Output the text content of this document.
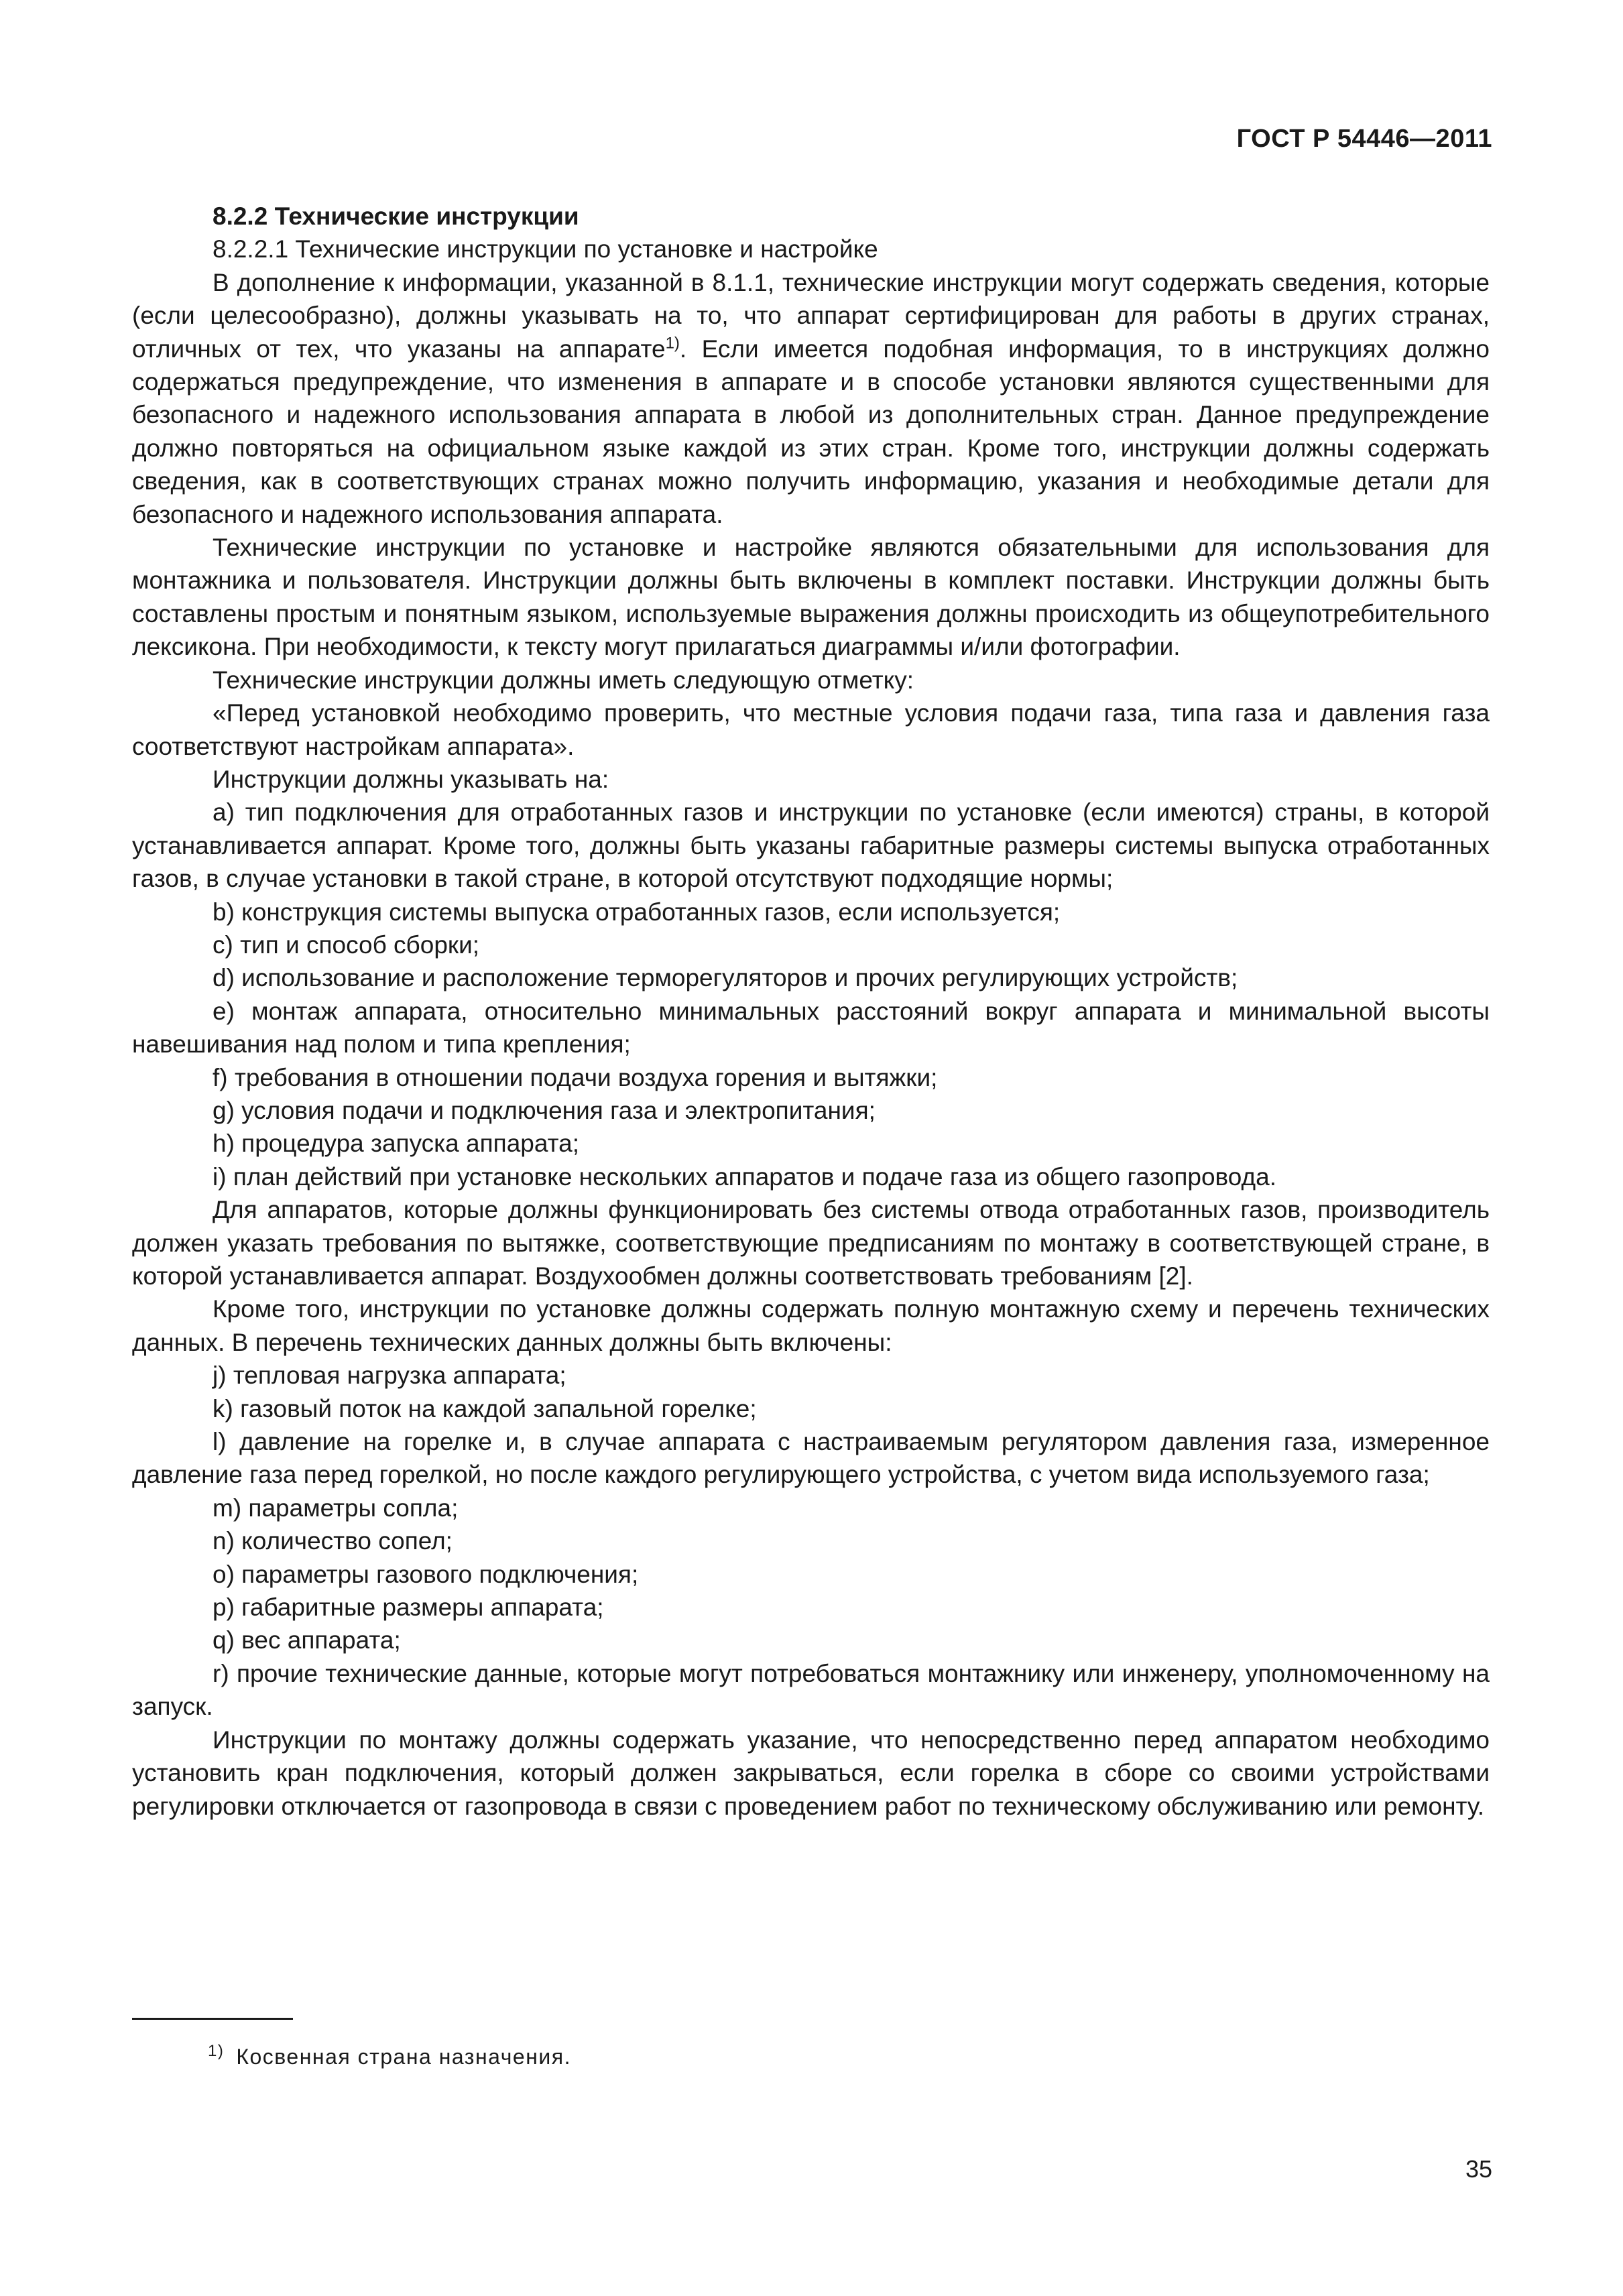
ГОСТ Р 54446—2011

8.2.2 Технические инструкции

8.2.2.1 Технические инструкции по установке и настройке

В дополнение к информации, указанной в 8.1.1, технические инструкции могут содержать сведения, которые (если целесообразно), должны указывать на то, что аппарат сертифицирован для работы в других странах, отличных от тех, что указаны на аппарате$^{1)}$. Если имеется подобная информация, то в инструкциях должно содержаться предупреждение, что изменения в аппарате и в способе установки являются существенными для безопасного и надежного использования аппарата в любой из дополнительных стран. Данное предупреждение должно повторяться на официальном языке каждой из этих стран. Кроме того, инструкции должны содержать сведения, как в соответствующих странах можно получить информацию, указания и необходимые детали для безопасного и надежного использования аппарата.

Технические инструкции по установке и настройке являются обязательными для использования для монтажника и пользователя. Инструкции должны быть включены в комплект поставки. Инструкции должны быть составлены простым и понятным языком, используемые выражения должны происходить из общеупотребительного лексикона. При необходимости, к тексту могут прилагаться диаграммы и/или фотографии.

Технические инструкции должны иметь следующую отметку:

«Перед установкой необходимо проверить, что местные условия подачи газа, типа газа и давления газа соответствуют настройкам аппарата».

Инструкции должны указывать на:

а) тип подключения для отработанных газов и инструкции по установке (если имеются) страны, в которой устанавливается аппарат. Кроме того, должны быть указаны габаритные размеры системы выпуска отработанных газов, в случае установки в такой стране, в которой отсутствуют подходящие нормы;

b) конструкция системы выпуска отработанных газов, если используется;

c) тип и способ сборки;

d) использование и расположение терморегуляторов и прочих регулирующих устройств;

e) монтаж аппарата, относительно минимальных расстояний вокруг аппарата и минимальной высоты навешивания над полом и типа крепления;

f) требования в отношении подачи воздуха горения и вытяжки;

g) условия подачи и подключения газа и электропитания;

h) процедура запуска аппарата;

i) план действий при установке нескольких аппаратов и подаче газа из общего газопровода.

Для аппаратов, которые должны функционировать без системы отвода отработанных газов, производитель должен указать требования по вытяжке, соответствующие предписаниям по монтажу в соответствующей стране, в которой устанавливается аппарат. Воздухообмен должны соответствовать требованиям [2].

Кроме того, инструкции по установке должны содержать полную монтажную схему и перечень технических данных. В перечень технических данных должны быть включены:

j) тепловая нагрузка аппарата;

k) газовый поток на каждой запальной горелке;

l) давление на горелке и, в случае аппарата с настраиваемым регулятором давления газа, измеренное давление газа перед горелкой, но после каждого регулирующего устройства, с учетом вида используемого газа;

m) параметры сопла;

n) количество сопел;

o) параметры газового подключения;

p) габаритные размеры аппарата;

q) вес аппарата;

r) прочие технические данные, которые могут потребоваться монтажнику или инженеру, уполномоченному на запуск.

Инструкции по монтажу должны содержать указание, что непосредственно перед аппаратом необходимо установить кран подключения, который должен закрываться, если горелка в сборе со своими устройствами регулировки отключается от газопровода в связи с проведением работ по техническому обслуживанию или ремонту.

$^{1)}$ Косвенная страна назначения.
35
